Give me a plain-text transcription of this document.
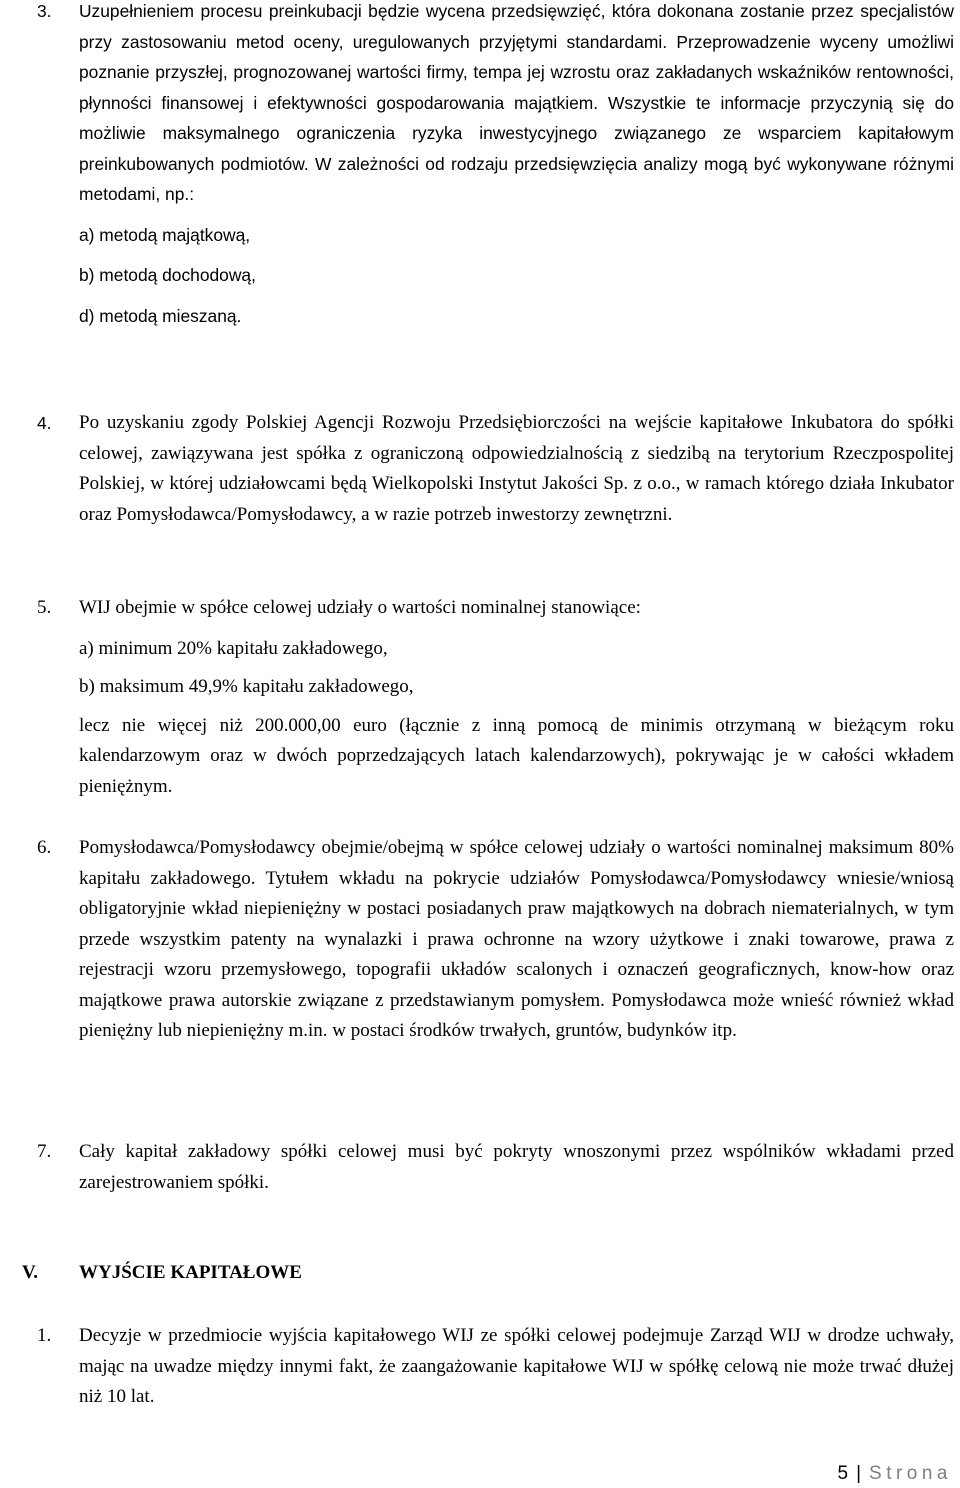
3.	Uzupełnieniem procesu preinkubacji będzie wycena przedsięwzięć, która dokonana zostanie przez specjalistów przy zastosowaniu metod oceny, uregulowanych przyjętymi standardami. Przeprowadzenie wyceny umożliwi poznanie przyszłej, prognozowanej wartości firmy, tempa jej wzrostu oraz zakładanych wskaźników rentowności, płynności finansowej i efektywności gospodarowania majątkiem. Wszystkie te informacje przyczynią się do możliwie maksymalnego ograniczenia ryzyka inwestycyjnego związanego ze wsparciem kapitałowym preinkubowanych podmiotów. W zależności od rodzaju przedsięwzięcia analizy mogą być wykonywane różnymi metodami, np.:

a) metodą majątkową,

b) metodą dochodową,

d) metodą mieszaną.

4.	Po uzyskaniu zgody Polskiej Agencji Rozwoju Przedsiębiorczości na wejście kapitałowe Inkubatora do spółki celowej, zawiązywana jest spółka z ograniczoną odpowiedzialnością z siedzibą na terytorium Rzeczpospolitej Polskiej, w której udziałowcami będą Wielkopolski Instytut Jakości Sp. z o.o., w ramach którego działa Inkubator oraz Pomysłodawca/Pomysłodawcy, a w razie potrzeb inwestorzy zewnętrzni.

5.	WIJ obejmie w spółce celowej udziały o wartości nominalnej stanowiące:

a) minimum 20% kapitału zakładowego,

b) maksimum 49,9% kapitału zakładowego,

lecz nie więcej niż 200.000,00 euro (łącznie z inną pomocą de minimis otrzymaną w bieżącym roku kalendarzowym oraz w dwóch poprzedzających latach kalendarzowych), pokrywając je w całości wkładem pieniężnym.

6.	Pomysłodawca/Pomysłodawcy obejmie/obejmą w spółce celowej udziały o wartości nominalnej maksimum 80% kapitału zakładowego. Tytułem wkładu na pokrycie udziałów Pomysłodawca/Pomysłodawcy wniesie/wniosą obligatoryjnie wkład niepieniężny w postaci posiadanych praw majątkowych na dobrach niematerialnych, w tym przede wszystkim patenty na wynalazki i prawa ochronne na wzory użytkowe i znaki towarowe, prawa z rejestracji wzoru przemysłowego, topografii układów scalonych i oznaczeń geograficznych, know-how oraz majątkowe prawa autorskie związane z przedstawianym pomysłem. Pomysłodawca może wnieść również wkład pieniężny lub niepieniężny m.in. w postaci środków trwałych, gruntów, budynków itp.

7.	Cały kapitał zakładowy spółki celowej musi być pokryty wnoszonymi przez wspólników wkładami przed zarejestrowaniem spółki.

V.	WYJŚCIE KAPITAŁOWE
1.	Decyzje w przedmiocie wyjścia kapitałowego WIJ ze spółki celowej podejmuje Zarząd WIJ w drodze uchwały, mając na uwadze między innymi fakt, że zaangażowanie kapitałowe WIJ w spółkę celową nie może trwać dłużej niż 10 lat.

5 | Strona
